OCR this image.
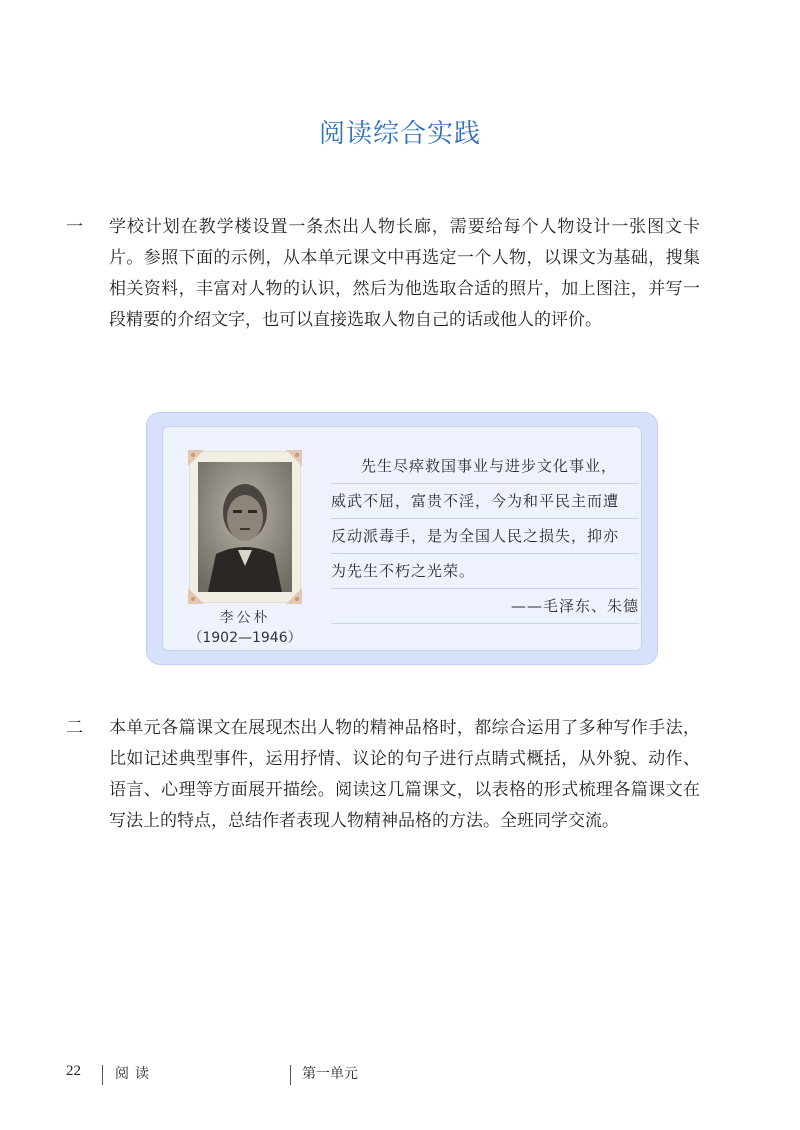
阅读综合实践
一	学校计划在教学楼设置一条杰出人物长廊，需要给每个人物设计一张图文卡片。参照下面的示例，从本单元课文中再选定一个人物，以课文为基础，搜集相关资料，丰富对人物的认识，然后为他选取合适的照片，加上图注，并写一段精要的介绍文字，也可以直接选取人物自己的话或他人的评价。
李公朴
（1902—1946）
先生尽瘁救国事业与进步文化事业，
威武不屈，富贵不淫，今为和平民主而遭
反动派毒手，是为全国人民之损失，抑亦
为先生不朽之光荣。
——毛泽东、朱德
二	本单元各篇课文在展现杰出人物的精神品格时，都综合运用了多种写作手法，比如记述典型事件，运用抒情、议论的句子进行点睛式概括，从外貌、动作、语言、心理等方面展开描绘。阅读这几篇课文，以表格的形式梳理各篇课文在写法上的特点，总结作者表现人物精神品格的方法。全班同学交流。
22 阅读	第一单元
